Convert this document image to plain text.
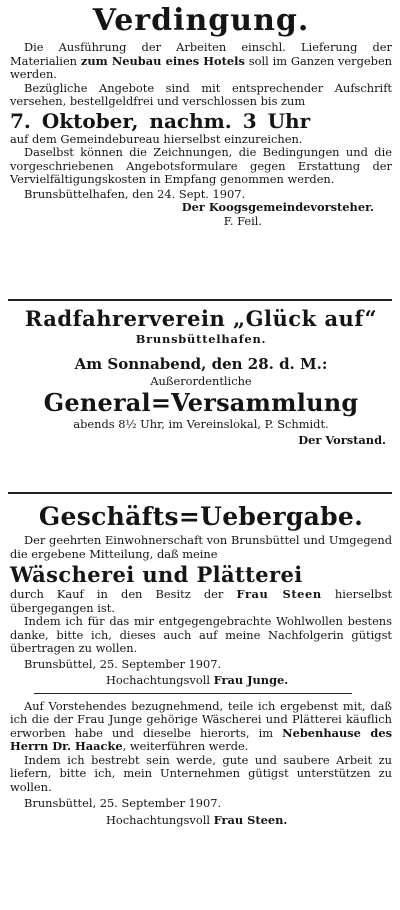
Verdingung.

Die Ausführung der Arbeiten einschl. Lieferung der Materialien zum Neubau eines Hotels soll im Ganzen vergeben werden.

Bezügliche Angebote sind mit entsprechender Aufschrift versehen, bestellgeldfrei und verschlossen bis zum

7. Oktober, nachm. 3 Uhr

auf dem Gemeindebureau hierselbst einzureichen.

Daselbst können die Zeichnungen, die Bedingungen und die vorgeschriebenen Angebotsformulare gegen Erstattung der Vervielfältigungskosten in Empfang genommen werden.

Brunsbüttelhafen, den 24. Sept. 1907.

Der Koogsgemeindevorsteher.

F. Feil.

Radfahrerverein „Glück auf“
Brunsbüttelhafen.
Am Sonnabend, den 28. d. M.:
Außerordentliche
General=Versammlung
abends 8½ Uhr, im Vereinslokal, P. Schmidt.
Der Vorstand.
Geschäfts=Uebergabe.

Der geehrten Einwohnerschaft von Brunsbüttel und Umgegend die ergebene Mitteilung, daß meine

Wäscherei und Plätterei

durch Kauf in den Besitz der Frau Steen hierselbst übergegangen ist.

Indem ich für das mir entgegengebrachte Wohlwollen bestens danke, bitte ich, dieses auch auf meine Nachfolgerin gütigst übertragen zu wollen.

Brunsbüttel, 25. September 1907.

Hochachtungsvoll Frau Junge.

Auf Vorstehendes bezugnehmend, teile ich ergebenst mit, daß ich die der Frau Junge gehörige Wäscherei und Plätterei käuflich erworben habe und dieselbe hierorts, im Nebenhause des Herrn Dr. Haacke, weiterführen werde.

Indem ich bestrebt sein werde, gute und saubere Arbeit zu liefern, bitte ich, mein Unternehmen gütigst unterstützen zu wollen.

Brunsbüttel, 25. September 1907.

Hochachtungsvoll Frau Steen.
